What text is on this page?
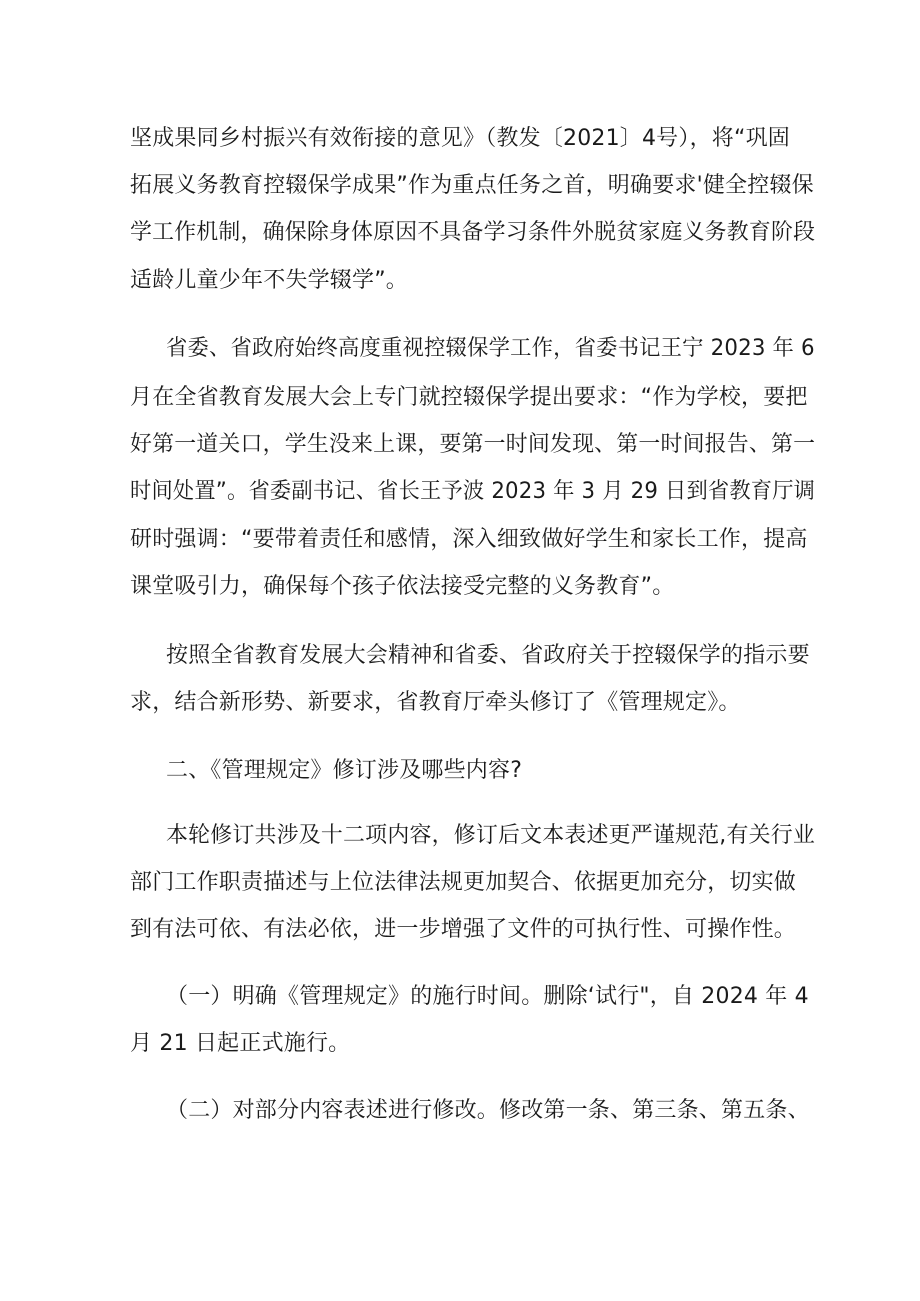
坚成果同乡村振兴有效衔接的意见》（教发〔2021〕4号），将“巩固
拓展义务教育控辍保学成果”作为重点任务之首，明确要求'健全控辍保
学工作机制，确保除身体原因不具备学习条件外脱贫家庭义务教育阶段
适龄儿童少年不失学辍学”。
省委、省政府始终高度重视控辍保学工作，省委书记王宁 2023 年 6
月在全省教育发展大会上专门就控辍保学提出要求：“作为学校，要把
好第一道关口，学生没来上课，要第一时间发现、第一时间报告、第一
时间处置”。省委副书记、省长王予波 2023 年 3 月 29 日到省教育厅调
研时强调：“要带着责任和感情，深入细致做好学生和家长工作，提高
课堂吸引力，确保每个孩子依法接受完整的义务教育”。
按照全省教育发展大会精神和省委、省政府关于控辍保学的指示要
求，结合新形势、新要求，省教育厅牵头修订了《管理规定》。
二、《管理规定》修订涉及哪些内容?
本轮修订共涉及十二项内容，修订后文本表述更严谨规范,有关行业
部门工作职责描述与上位法律法规更加契合、依据更加充分，切实做
到有法可依、有法必依，进一步增强了文件的可执行性、可操作性。
（一）明确《管理规定》的施行时间。删除‘试行"，自 2024 年 4
月 21 日起正式施行。
（二）对部分内容表述进行修改。修改第一条、第三条、第五条、
